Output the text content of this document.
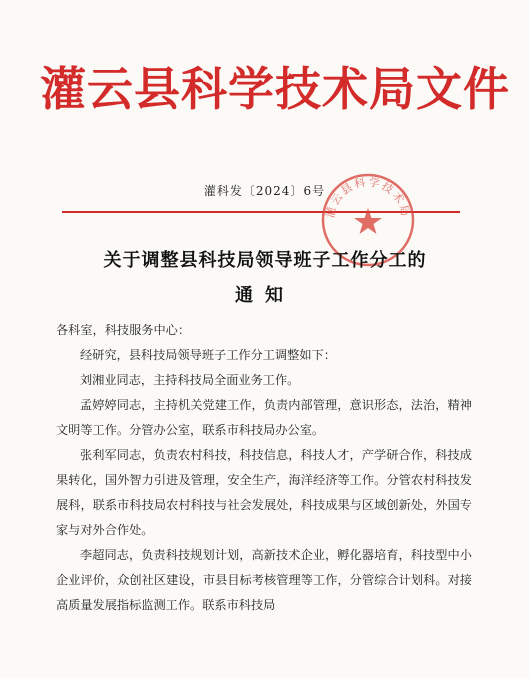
灌云县科学技术局文件
灌科发〔2024〕6号
灌云县科学技术局
关于调整县科技局领导班子工作分工的
通知

各科室，科技服务中心：

经研究，县科技局领导班子工作分工调整如下：

刘湘业同志，主持科技局全面业务工作。

孟婷婷同志，主持机关党建工作，负责内部管理，意识形态，法治，精神文明等工作。分管办公室，联系市科技局办公室。

张利军同志，负责农村科技，科技信息，科技人才，产学研合作，科技成果转化，国外智力引进及管理，安全生产，海洋经济等工作。分管农村科技发展科，联系市科技局农村科技与社会发展处，科技成果与区域创新处，外国专家与对外合作处。

李超同志，负责科技规划计划，高新技术企业，孵化器培育，科技型中小企业评价，众创社区建设，市县目标考核管理等工作，分管综合计划科。对接高质量发展指标监测工作。联系市科技局
